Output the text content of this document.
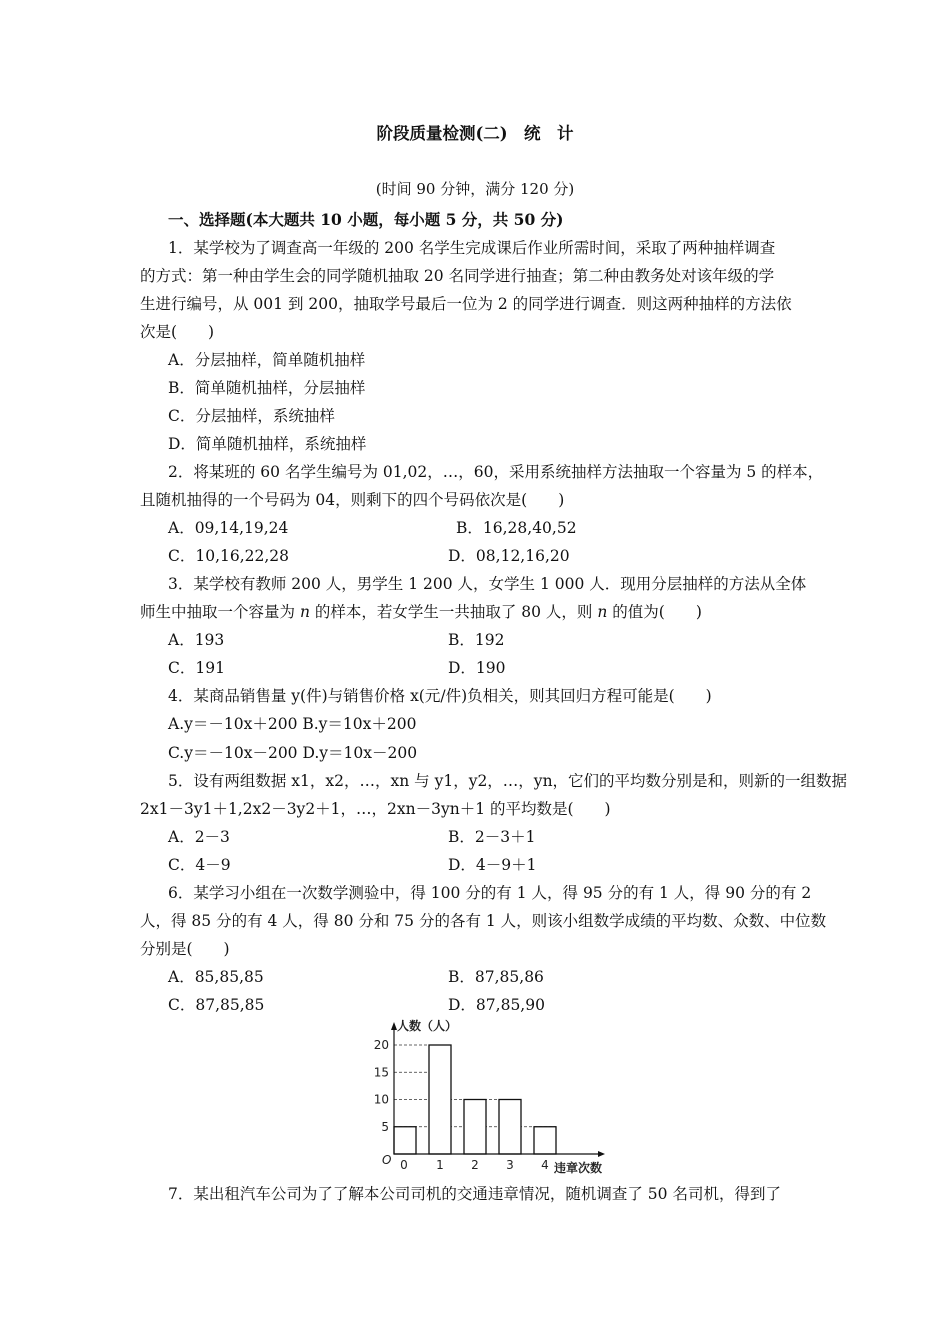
阶段质量检测(二)　统　计
(时间 90 分钟，满分 120 分)
一、选择题(本大题共 10 小题，每小题 5 分，共 50 分)
1．某学校为了调查高一年级的 200 名学生完成课后作业所需时间，采取了两种抽样调查
的方式：第一种由学生会的同学随机抽取 20 名同学进行抽查；第二种由教务处对该年级的学
生进行编号，从 001 到 200，抽取学号最后一位为 2 的同学进行调查．则这两种抽样的方法依
次是(　　)
A．分层抽样，简单随机抽样
B．简单随机抽样，分层抽样
C．分层抽样，系统抽样
D．简单随机抽样，系统抽样
2．将某班的 60 名学生编号为 01,02，…，60，采用系统抽样方法抽取一个容量为 5 的样本，
且随机抽得的一个号码为 04，则剩下的四个号码依次是(　　)
A．09,14,19,24	B．16,28,40,52
C．10,16,22,28	D．08,12,16,20
3．某学校有教师 200 人，男学生 1 200 人，女学生 1 000 人．现用分层抽样的方法从全体
师生中抽取一个容量为 n 的样本，若女学生一共抽取了 80 人，则 n 的值为(　　)
A．193	B．192
C．191	D．190
4．某商品销售量 y(件)与销售价格 x(元/件)负相关，则其回归方程可能是(　　)
A.y＝－10x＋200 B.y＝10x＋200
C.y＝－10x－200 D.y＝10x－200
5．设有两组数据 x1，x2，…，xn 与 y1，y2，…，yn，它们的平均数分别是和，则新的一组数据
2x1－3y1＋1,2x2－3y2＋1，…，2xn－3yn＋1 的平均数是(　　)
A．2－3	B．2－3＋1
C．4－9	D．4－9＋1
6．某学习小组在一次数学测验中，得 100 分的有 1 人，得 95 分的有 1 人，得 90 分的有 2
人，得 85 分的有 4 人，得 80 分和 75 分的各有 1 人，则该小组数学成绩的平均数、众数、中位数
分别是(　　)
A．85,85,85	B．87,85,86
C．87,85,85	D．87,85,90
5
10
15
20
0 1 2 3 4
人数（人）
违章次数
O
7．某出租汽车公司为了了解本公司司机的交通违章情况，随机调查了 50 名司机，得到了
